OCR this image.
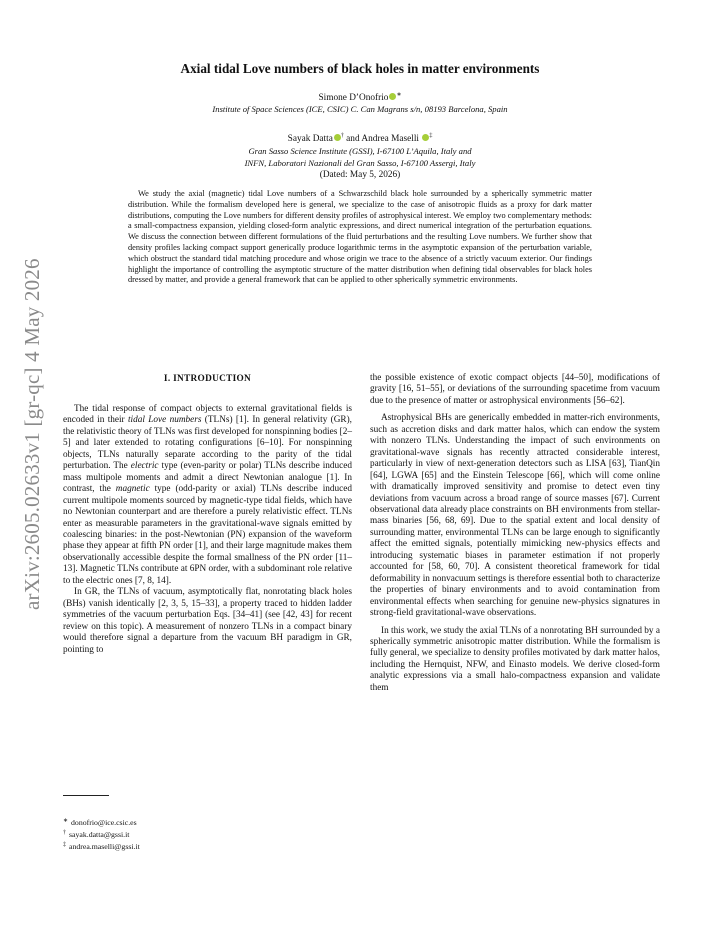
arXiv:2605.02633v1 [gr-qc] 4 May 2026
Axial tidal Love numbers of black holes in matter environments
Simone D’Onofrio ∗
Institute of Space Sciences (ICE, CSIC) C. Can Magrans s/n, 08193 Barcelona, Spain
Sayak Datta † and Andrea Maselli ‡
Gran Sasso Science Institute (GSSI), I-67100 L’Aquila, Italy and
INFN, Laboratori Nazionali del Gran Sasso, I-67100 Assergi, Italy
(Dated: May 5, 2026)
We study the axial (magnetic) tidal Love numbers of a Schwarzschild black hole surrounded by a spherically symmetric matter distribution. While the formalism developed here is general, we specialize to the case of anisotropic fluids as a proxy for dark matter distributions, computing the Love numbers for different density profiles of astrophysical interest. We employ two complementary methods: a small-compactness expansion, yielding closed-form analytic expressions, and direct numerical integration of the perturbation equations. We discuss the connection between different formulations of the fluid perturbations and the resulting Love numbers. We further show that density profiles lacking compact support generically produce logarithmic terms in the asymptotic expansion of the perturbation variable, which obstruct the standard tidal matching procedure and whose origin we trace to the absence of a strictly vacuum exterior. Our findings highlight the importance of controlling the asymptotic structure of the matter distribution when defining tidal observables for black holes dressed by matter, and provide a general framework that can be applied to other spherically symmetric environments.
I. INTRODUCTION

The tidal response of compact objects to external gravitational fields is encoded in their tidal Love numbers (TLNs) [1]. In general relativity (GR), the relativistic theory of TLNs was first developed for nonspinning bodies [2–5] and later extended to rotating configurations [6–10]. For nonspinning objects, TLNs naturally separate according to the parity of the tidal perturbation. The electric type (even-parity or polar) TLNs describe induced mass multipole moments and admit a direct Newtonian analogue [1]. In contrast, the magnetic type (odd-parity or axial) TLNs describe induced current multipole moments sourced by magnetic-type tidal fields, which have no Newtonian counterpart and are therefore a purely relativistic effect. TLNs enter as measurable parameters in the gravitational-wave signals emitted by coalescing binaries: in the post-Newtonian (PN) expansion of the waveform phase they appear at fifth PN order [1], and their large magnitude makes them observationally accessible despite the formal smallness of the PN order [11–13]. Magnetic TLNs contribute at 6PN order, with a subdominant role relative to the electric ones [7, 8, 14].

In GR, the TLNs of vacuum, asymptotically flat, nonrotating black holes (BHs) vanish identically [2, 3, 5, 15–33], a property traced to hidden ladder symmetries of the vacuum perturbation Eqs. [34–41] (see [42, 43] for recent review on this topic). A measurement of nonzero TLNs in a compact binary would therefore signal a departure from the vacuum BH paradigm in GR, pointing to

the possible existence of exotic compact objects [44–50], modifications of gravity [16, 51–55], or deviations of the surrounding spacetime from vacuum due to the presence of matter or astrophysical environments [56–62].

Astrophysical BHs are generically embedded in matter-rich environments, such as accretion disks and dark matter halos, which can endow the system with nonzero TLNs. Understanding the impact of such environments on gravitational-wave signals has recently attracted considerable interest, particularly in view of next-generation detectors such as LISA [63], TianQin [64], LGWA [65] and the Einstein Telescope [66], which will come online with dramatically improved sensitivity and promise to detect even tiny deviations from vacuum across a broad range of source masses [67]. Current observational data already place constraints on BH environments from stellar-mass binaries [56, 68, 69]. Due to the spatial extent and local density of surrounding matter, environmental TLNs can be large enough to significantly affect the emitted signals, potentially mimicking new-physics effects and introducing systematic biases in parameter estimation if not properly accounted for [58, 60, 70]. A consistent theoretical framework for tidal deformability in nonvacuum settings is therefore essential both to characterize the properties of binary environments and to avoid contamination from environmental effects when searching for genuine new-physics signatures in strong-field gravitational-wave observations.

In this work, we study the axial TLNs of a nonrotating BH surrounded by a spherically symmetric anisotropic matter distribution. While the formalism is fully general, we specialize to density profiles motivated by dark matter halos, including the Hernquist, NFW, and Einasto models. We derive closed-form analytic expressions via a small halo-compactness expansion and validate them

∗ donofrio@ice.csic.es
† sayak.datta@gssi.it
‡ andrea.maselli@gssi.it
